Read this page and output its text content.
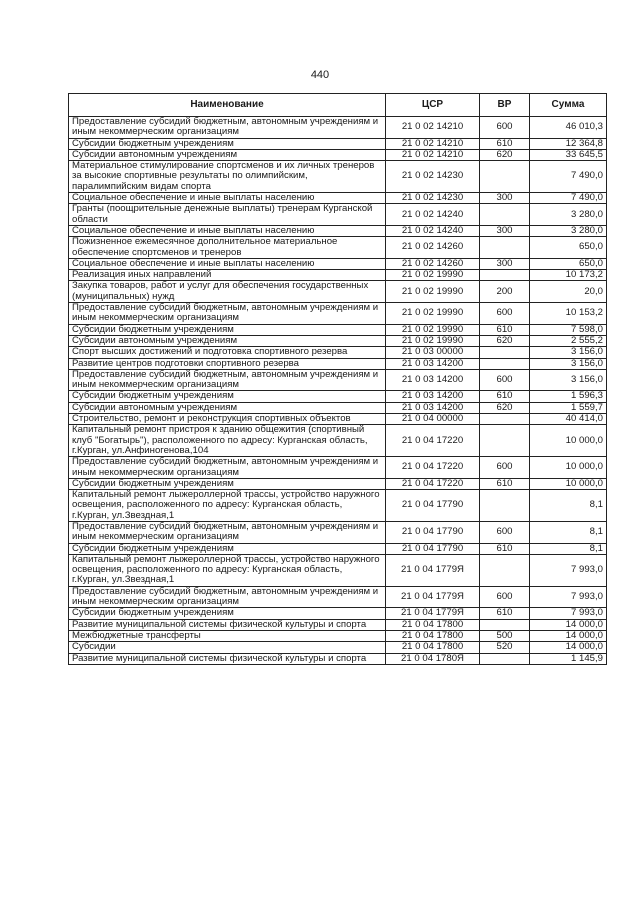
440
Наименование	ЦСР	ВР	Сумма
Предоставление субсидий бюджетным, автономным учреждениям и иным некоммерческим организациям	21 0 02 14210	600	46 010,3
Субсидии бюджетным учреждениям	21 0 02 14210	610	12 364,8
Субсидии автономным учреждениям	21 0 02 14210	620	33 645,5
Материальное стимулирование спортсменов и их личных тренеров за высокие спортивные результаты по олимпийским, паралимпийским видам спорта	21 0 02 14230		7 490,0
Социальное обеспечение и иные выплаты населению	21 0 02 14230	300	7 490,0
Гранты (поощрительные денежные выплаты) тренерам Курганской области	21 0 02 14240		3 280,0
Социальное обеспечение и иные выплаты населению	21 0 02 14240	300	3 280,0
Пожизненное ежемесячное дополнительное материальное обеспечение спортсменов и тренеров	21 0 02 14260		650,0
Социальное обеспечение и иные выплаты населению	21 0 02 14260	300	650,0
Реализация иных направлений	21 0 02 19990		10 173,2
Закупка товаров, работ и услуг для обеспечения государственных (муниципальных) нужд	21 0 02 19990	200	20,0
Предоставление субсидий бюджетным, автономным учреждениям и иным некоммерческим организациям	21 0 02 19990	600	10 153,2
Субсидии бюджетным учреждениям	21 0 02 19990	610	7 598,0
Субсидии автономным учреждениям	21 0 02 19990	620	2 555,2
Спорт высших достижений и подготовка спортивного резерва	21 0 03 00000		3 156,0
Развитие центров подготовки спортивного резерва	21 0 03 14200		3 156,0
Предоставление субсидий бюджетным, автономным учреждениям и иным некоммерческим организациям	21 0 03 14200	600	3 156,0
Субсидии бюджетным учреждениям	21 0 03 14200	610	1 596,3
Субсидии автономным учреждениям	21 0 03 14200	620	1 559,7
Строительство, ремонт и реконструкция спортивных объектов	21 0 04 00000		40 414,0
Капитальный ремонт пристроя к зданию общежития (спортивный клуб "Богатырь"), расположенного по адресу: Курганская область, г.Курган, ул.Анфиногенова,104	21 0 04 17220		10 000,0
Предоставление субсидий бюджетным, автономным учреждениям и иным некоммерческим организациям	21 0 04 17220	600	10 000,0
Субсидии бюджетным учреждениям	21 0 04 17220	610	10 000,0
Капитальный ремонт лыжероллерной трассы, устройство наружного освещения, расположенного по адресу: Курганская область, г.Курган, ул.Звездная,1	21 0 04 17790		8,1
Предоставление субсидий бюджетным, автономным учреждениям и иным некоммерческим организациям	21 0 04 17790	600	8,1
Субсидии бюджетным учреждениям	21 0 04 17790	610	8,1
Капитальный ремонт лыжероллерной трассы, устройство наружного освещения, расположенного по адресу: Курганская область, г.Курган, ул.Звездная,1	21 0 04 1779Я		7 993,0
Предоставление субсидий бюджетным, автономным учреждениям и иным некоммерческим организациям	21 0 04 1779Я	600	7 993,0
Субсидии бюджетным учреждениям	21 0 04 1779Я	610	7 993,0
Развитие муниципальной системы физической культуры и спорта	21 0 04 17800		14 000,0
Межбюджетные трансферты	21 0 04 17800	500	14 000,0
Субсидии	21 0 04 17800	520	14 000,0
Развитие муниципальной системы физической культуры и спорта	21 0 04 1780Я		1 145,9
